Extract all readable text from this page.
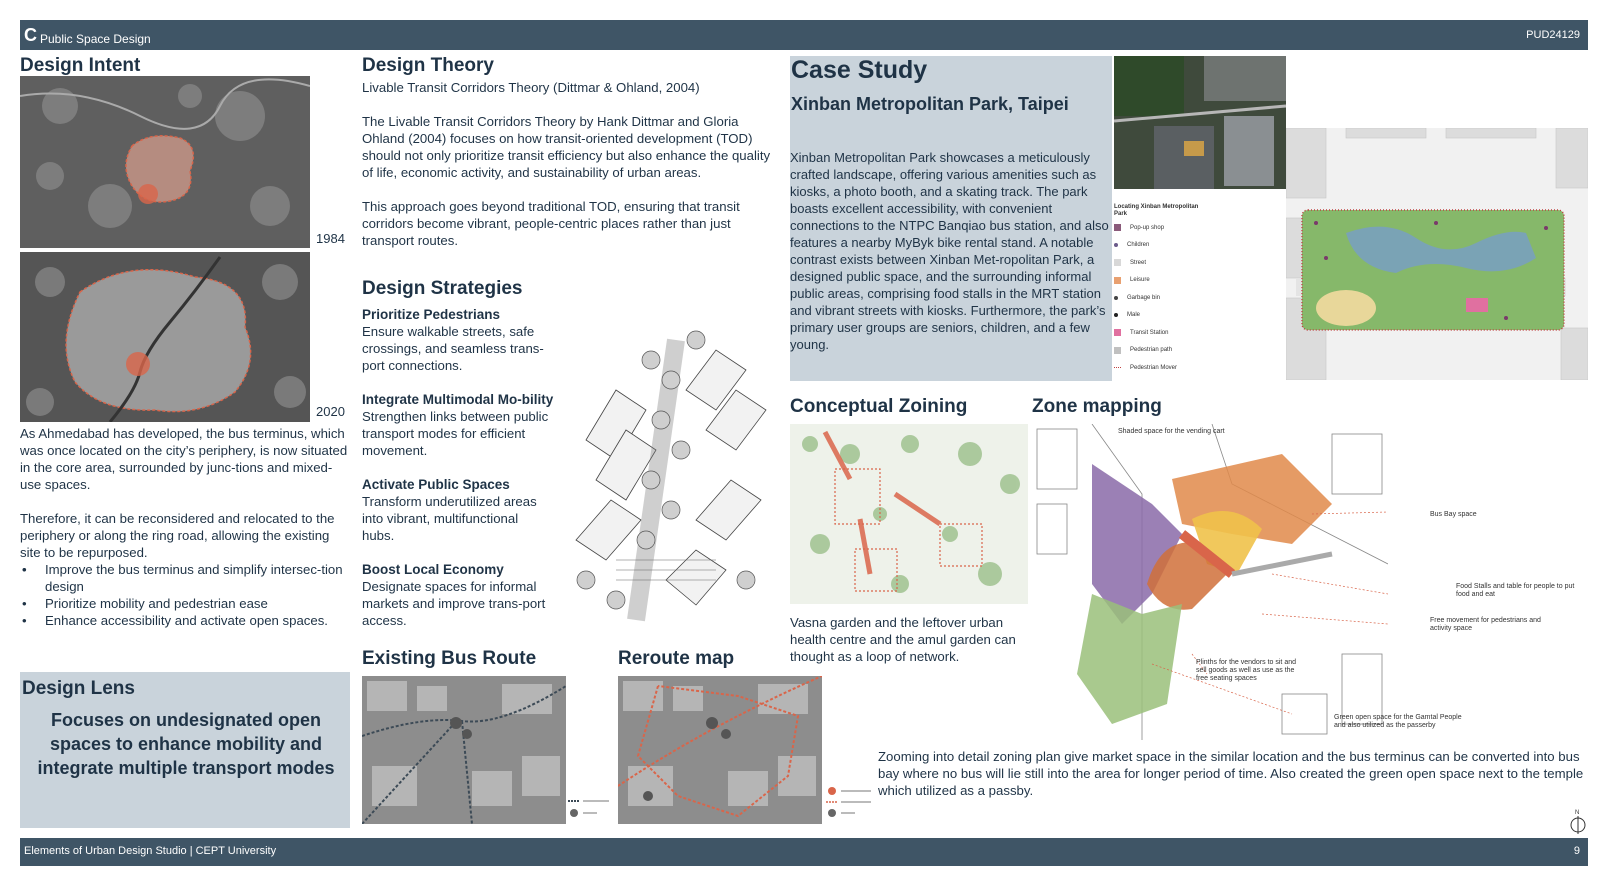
C Public Space Design	PUD24129
Design Intent
1984
2020
As Ahmedabad has developed, the bus terminus, which was once located on the city’s periphery, is now situated in the core area, surrounded by junc-tions and mixed-use spaces.
Therefore, it can be reconsidered and relocated to the periphery or along the ring road, allowing the existing site to be repurposed.
• Improve the bus terminus and simplify intersec-tion design
• Prioritize mobility and pedestrian ease
• Enhance accessibility and activate open spaces.
Design Lens
Focuses on undesignated open spaces to enhance mobility and integrate multiple transport modes
Design Theory
Livable Transit Corridors Theory (Dittmar & Ohland, 2004)
The Livable Transit Corridors Theory by Hank Dittmar and Gloria Ohland (2004) focuses on how transit-oriented development (TOD) should not only prioritize transit efficiency but also enhance the quality of life, economic activity, and sustainability of urban areas.
This approach goes beyond traditional TOD, ensuring that transit corridors become vibrant, people-centric places rather than just transport routes.
Design Strategies
Prioritize Pedestrians
Ensure walkable streets, safe crossings, and seamless trans-port connections.
Integrate Multimodal Mo-bility
Strengthen links between public transport modes for efficient movement.
Activate Public Spaces
Transform underutilized areas into vibrant, multifunctional hubs.
Boost Local Economy
Designate spaces for informal markets and improve trans-port access.
Existing Bus Route	Reroute map
Case Study
Xinban Metropolitan Park, Taipei
Xinban Metropolitan Park showcases a meticulously crafted landscape, offering various amenities such as kiosks, a photo booth, and a skating track. The park boasts excellent accessibility, with convenient connections to the NTPC Banqiao bus station, and also features a nearby MyByk bike rental stand. A notable contrast exists between Xinban Met-ropolitan Park, a designed public space, and the surrounding informal public areas, comprising food stalls in the MRT station and vibrant streets with kiosks. Furthermore, the park’s primary user groups are seniors, children, and a few young.
Locating Xinban Metropolitan Park
Pop-up shop
Children
Street
Leisure
Garbage bin
Male
Transit Station
Pedestrian path
Pedestrian Mover
Conceptual Zoining
Vasna garden and the leftover urban health centre and the amul garden can thought as a loop of network.
Zone mapping
Shaded space for the vending cart
Bus Bay space
Food Stalls and table for people to put food and eat
Free movement for pedestrians and activity space
Plinths for the vendors to sit and sell goods as well as use as the free seating spaces
Green open space for the Gamtal People and also utilized as the passerby
Zooming into detail zoning plan give market space in the similar location and the bus terminus can be converted into bus bay where no bus will lie still into the area for longer period of time. Also created the green open space next to the temple which utilized as a passby.
N
Elements of Urban Design Studio | CEPT University	9
